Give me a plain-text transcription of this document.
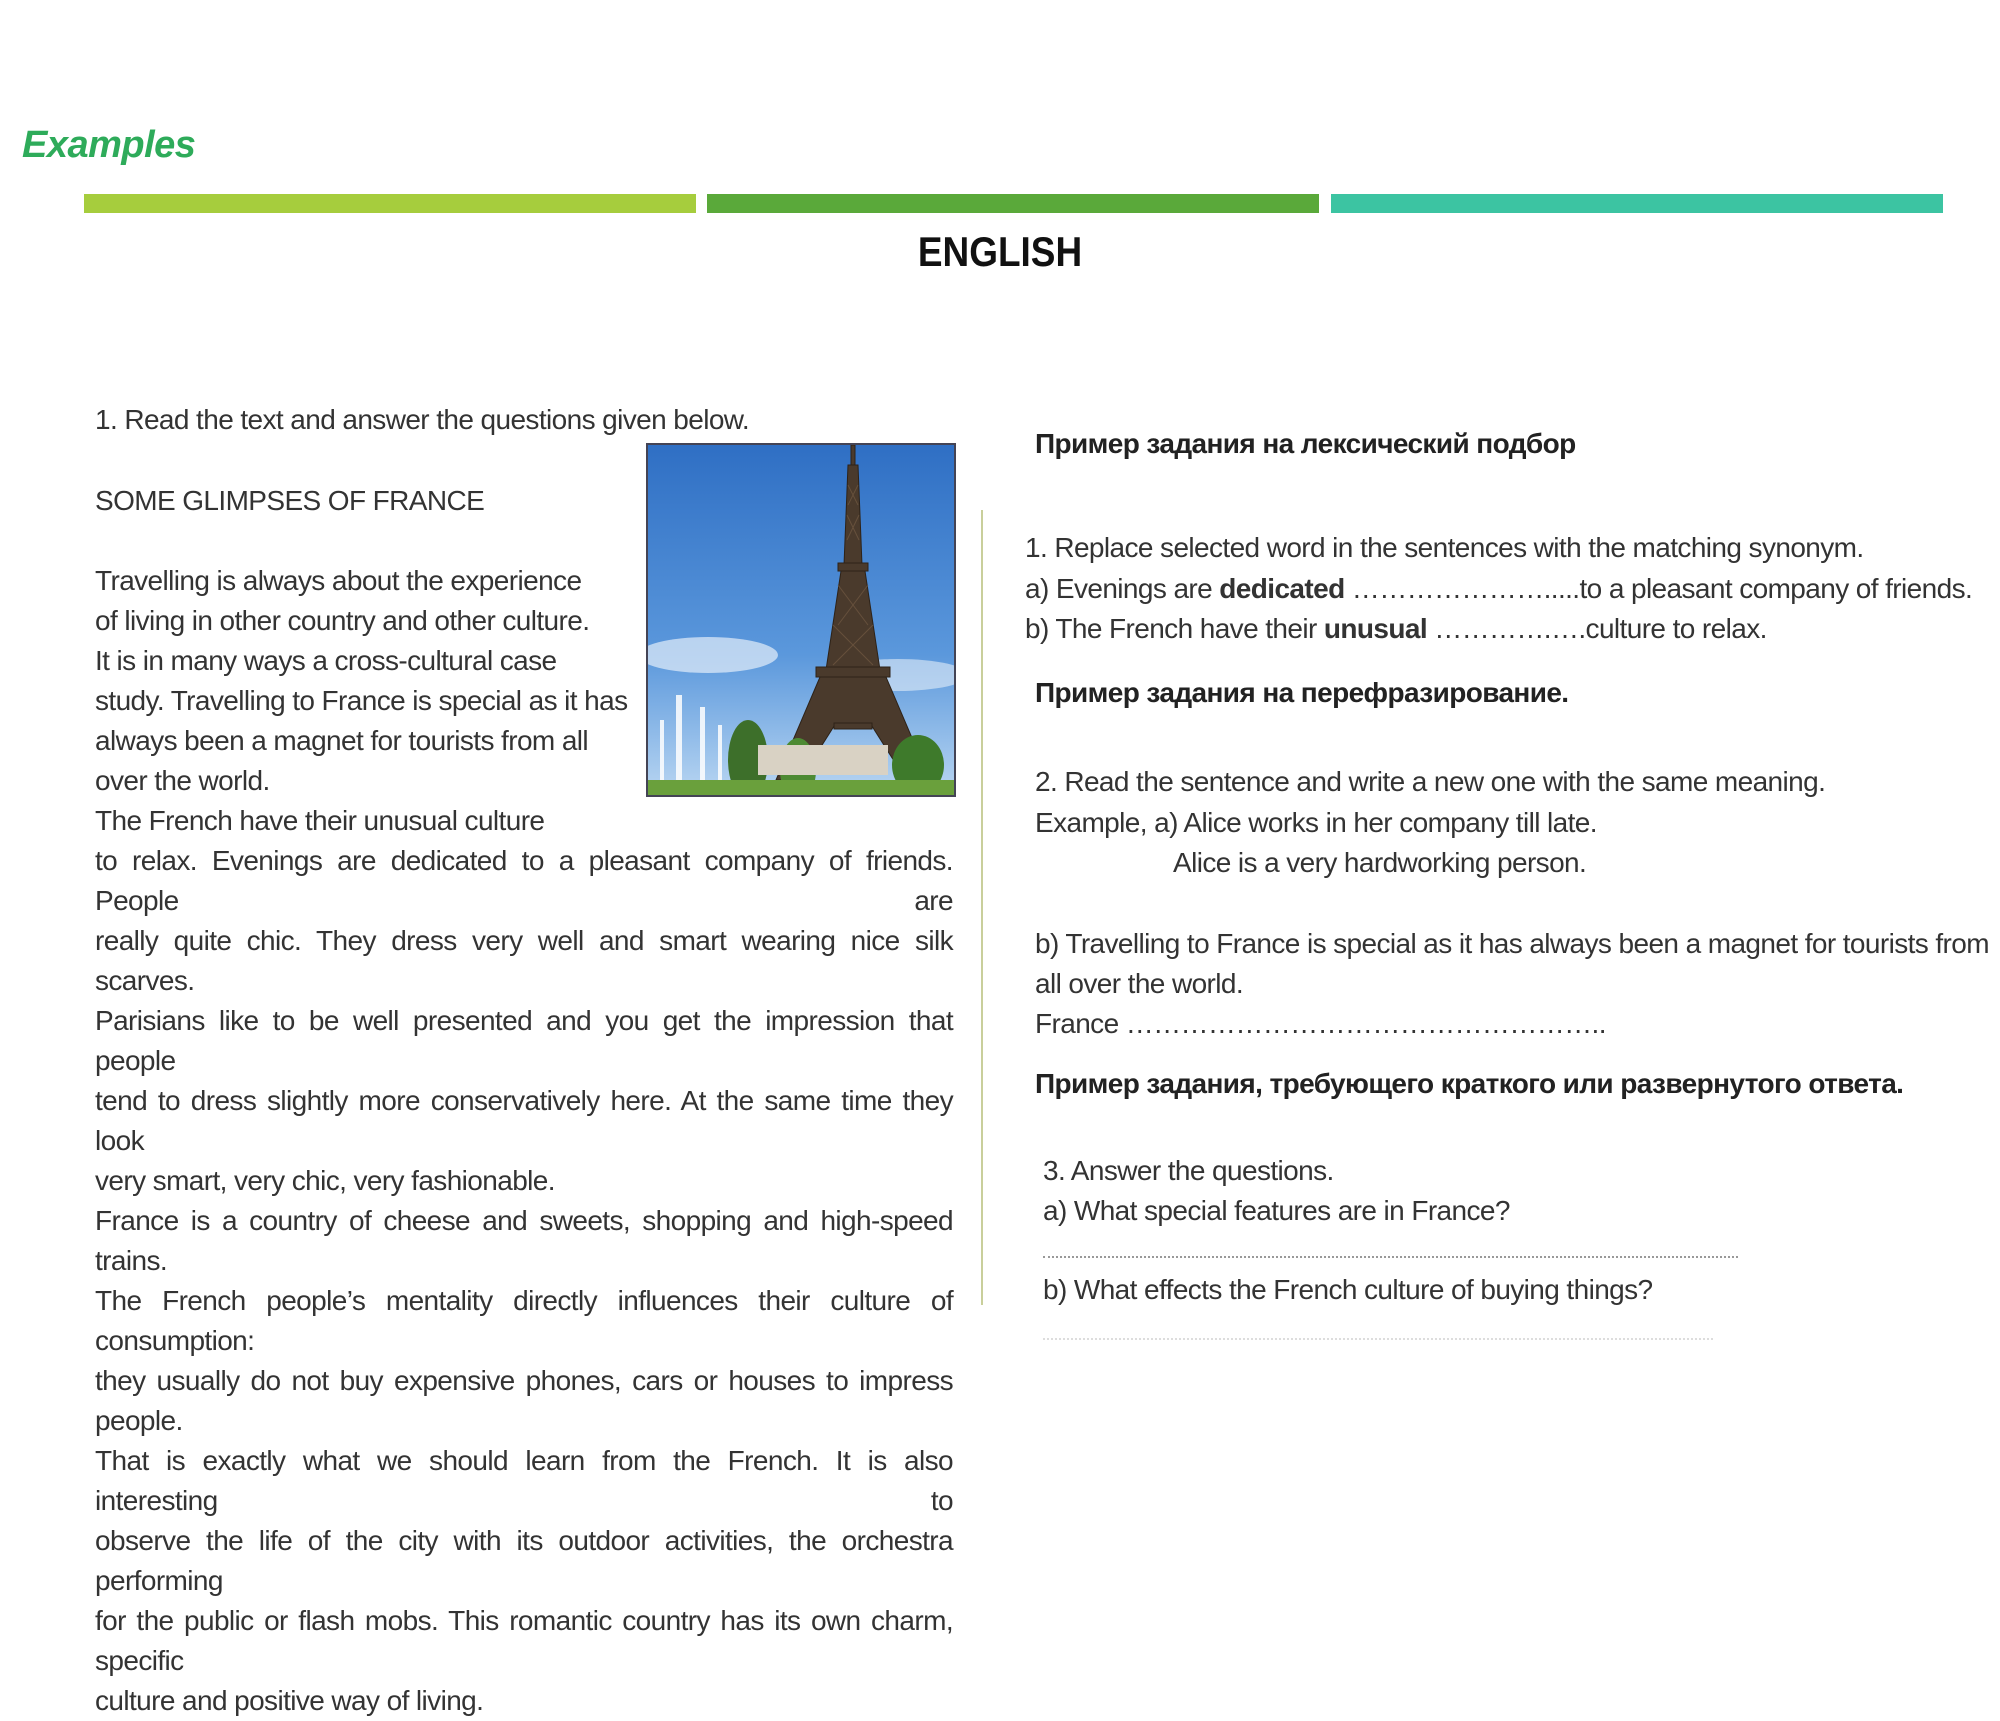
Examples
ENGLISH
1. Read the text and answer the questions given below.
SOME GLIMPSES OF FRANCE
Travelling is always about the experience
of living in other country and other culture.
It is in many ways a cross-cultural case
study. Travelling to France is special as it has
always been a magnet for tourists from all
over the world.
The French have their unusual culture
to relax. Evenings are dedicated to a pleasant company of friends. People are
really quite chic. They dress very well and smart wearing nice silk scarves.
Parisians like to be well presented and you get the impression that people
tend to dress slightly more conservatively here. At the same time they look
very smart, very chic, very fashionable.
France is a country of cheese and sweets, shopping and high-speed trains.
The French people’s mentality directly influences their culture of consumption:
they usually do not buy expensive phones, cars or houses to impress people.
That is exactly what we should learn from the French. It is also interesting to
observe the life of the city with its outdoor activities, the orchestra performing
for the public or flash mobs. This romantic country has its own charm, specific
culture and positive way of living.
Пример задания на лексический подбор
1. Replace selected word in the sentences with the matching synonym.
a) Evenings are dedicated ………………….....to a pleasant company of friends.
b) The French have their unusual ………….….culture to relax.
Пример задания на перефразирование.
2. Read the sentence and write a new one with the same meaning.
Example, a) Alice works in her company till late.
Alice is a very hardworking person.
b) Travelling to France is special as it has always been a magnet for tourists from
all over the world.
France ……………………………………………..
Пример задания, требующего краткого или развернутого ответа.
3. Answer the questions.
a) What special features are in France?
b) What effects the French culture of buying things?
